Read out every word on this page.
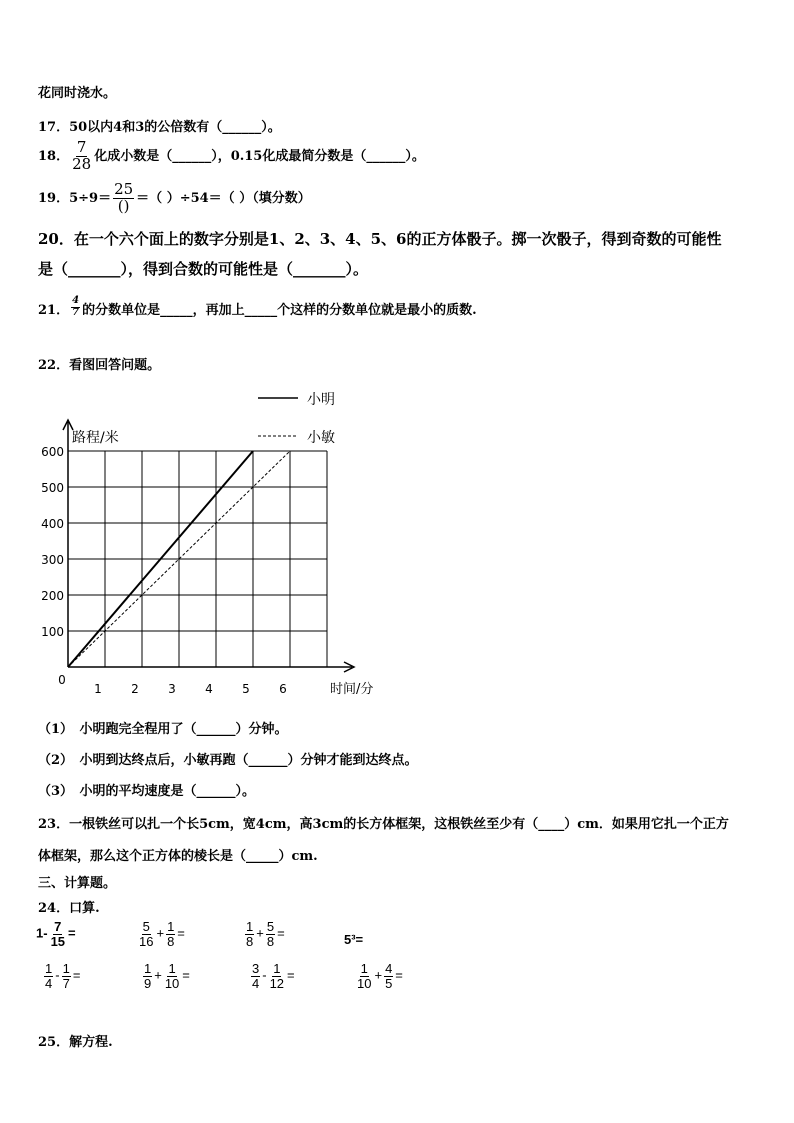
花同时浇水。
17．50以内4和3的公倍数有（______）。
18． $\frac{7}{28}$ 化成小数是（______），0.15化成最简分数是（______）。
19．$5\div 9= \frac{25}{()}$ ＝（ ）÷54＝（ ）（填分数）
20．在一个六个面上的数字分别是1、2、3、4、5、6的正方体骰子。掷一次骰子，得到奇数的可能性
是（_______），得到合数的可能性是（_______）。
21． $\frac{4}{7}$ 的分数单位是_____，再加上_____个这样的分数单位就是最小的质数.
22．看图回答问题。
小明
小敏
100
200
300
400
500
600
1 2 3 4 5 6
0
路程/米
时间/分
（1）　小明跑完全程用了（______）分钟。
（2）　小明到达终点后，小敏再跑（______）分钟才能到达终点。
（3）　小明的平均速度是（______）。
23．一根铁丝可以扎一个长5cm，宽4cm，高3cm的长方体框架，这根铁丝至少有（____）cm．如果用它扎一个正方
体框架，那么这个正方体的棱长是（_____）cm.
三、计算题。
24．口算.
$1- \frac{7}{15}$ =	$\frac{5}{16} + \frac{1}{8}$ =	$\frac{1}{8} + \frac{5}{8}$ =	5³=
$\frac{1}{4} - \frac{1}{7}$ =	$\frac{1}{9} + \frac{1}{10}$ =	$\frac{3}{4} - \frac{1}{12}$ =	$\frac{1}{10} + \frac{4}{5}$ =
25．解方程.
